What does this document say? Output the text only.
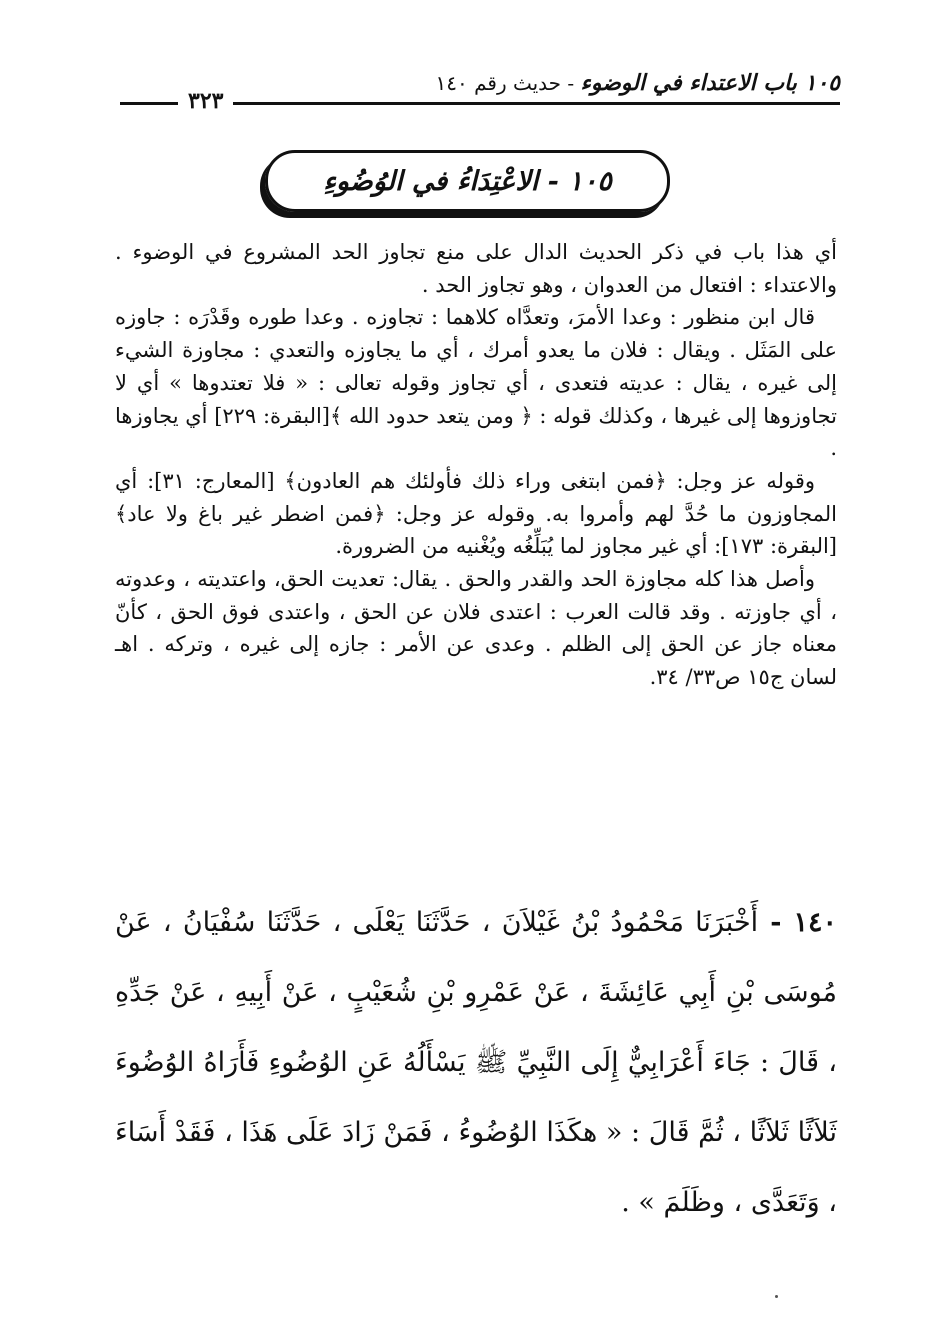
١٠٥ باب الاعتداء في الوضوء - حديث رقم ١٤٠
٣٢٣
١٠٥ - الاعْتِدَاءُ في الوُضُوءِ

أي هذا باب في ذكر الحديث الدال على منع تجاوز الحد المشروع في الوضوء . والاعتداء : افتعال من العدوان ، وهو تجاوز الحد .

قال ابن منظور : وعدا الأمرَ، وتعدَّاه كلاهما : تجاوزه . وعدا طوره وقَدْرَه : جاوزه على المَثَل . ويقال : فلان ما يعدو أمرك ، أي ما يجاوزه والتعدي : مجاوزة الشيء إلى غيره ، يقال : عديته فتعدى ، أي تجاوز وقوله تعالى : « فلا تعتدوها » أي لا تجاوزوها إلى غيرها ، وكذلك قوله : ﴿ ومن يتعد حدود الله ﴾[البقرة: ٢٢٩] أي يجاوزها .

وقوله عز وجل: ﴿فمن ابتغى وراء ذلك فأولئك هم العادون﴾ [المعارج: ٣١]: أي المجاوزون ما حُدَّ لهم وأمروا به. وقوله عز وجل: ﴿فمن اضطر غير باغ ولا عاد﴾[البقرة: ١٧٣]: أي غير مجاوز لما يُبَلِّغُه ويُغْنيه من الضرورة.

وأصل هذا كله مجاوزة الحد والقدر والحق . يقال: تعديت الحق، واعتديته ، وعدوته ، أي جاوزته . وقد قالت العرب : اعتدى فلان عن الحق ، واعتدى فوق الحق ، كأنّ معناه جاز عن الحق إلى الظلم . وعدى عن الأمر : جازه إلى غيره ، وتركه . اهـ لسان ج١٥ ص٣٣/ ٣٤.

١٤٠ - أَخْبَرَنَا مَحْمُودُ بْنُ غَيْلاَنَ ، حَدَّثَنَا يَعْلَى ، حَدَّثَنَا سُفْيَانُ ، عَنْ مُوسَى بْنِ أَبِي عَائِشَةَ ، عَنْ عَمْرِو بْنِ شُعَيْبٍ ، عَنْ أَبِيهِ ، عَنْ جَدِّهِ ، قَالَ : جَاءَ أَعْرَابِيٌّ إِلَى النَّبِيِّ ﷺ يَسْأَلُهُ عَنِ الوُضُوءِ فَأَرَاهُ الوُضُوءَ ثَلاَثًا ثَلاَثًا ، ثُمَّ قَالَ : « هكَذَا الوُضُوءُ ، فَمَنْ زَادَ عَلَى هَذَا ، فَقَدْ أَسَاءَ ، وَتَعَدَّى ، وظَلَمَ » .
